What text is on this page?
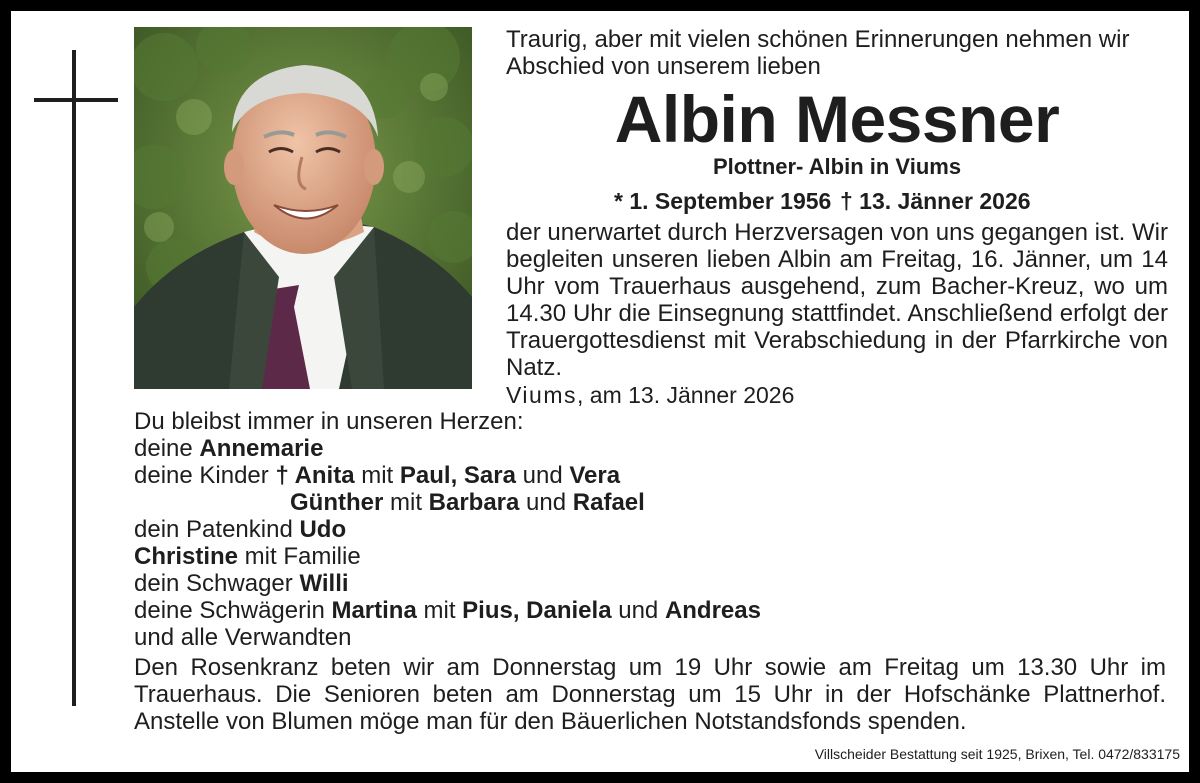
Traurig, aber mit vielen schönen Erinnerungen nehmen wir Abschied von unserem lieben
Albin Messner
Plottner- Albin in Viums
* 1. September 1956 † 13. Jänner 2026
der unerwartet durch Herzversagen von uns gegangen ist. Wir begleiten unseren lieben Albin am Freitag, 16. Jänner, um 14 Uhr vom Trauerhaus ausgehend, zum Bacher-Kreuz, wo um 14.30 Uhr die Einsegnung stattfindet. Anschließend erfolgt der Trauergottesdienst mit Verabschiedung in der Pfarrkirche von Natz.
Viums, am 13. Jänner 2026
Du bleibst immer in unseren Herzen:
deine Annemarie
deine Kinder † Anita mit Paul, Sara und Vera
Günther mit Barbara und Rafael
dein Patenkind Udo
Christine mit Familie
dein Schwager Willi
deine Schwägerin Martina mit Pius, Daniela und Andreas
und alle Verwandten
Den Rosenkranz beten wir am Donnerstag um 19 Uhr sowie am Freitag um 13.30 Uhr im Trauerhaus. Die Senioren beten am Donnerstag um 15 Uhr in der Hofschänke Plattnerhof. Anstelle von Blumen möge man für den Bäuerlichen Notstandsfonds spenden.
Villscheider Bestattung seit 1925, Brixen, Tel. 0472/833175
